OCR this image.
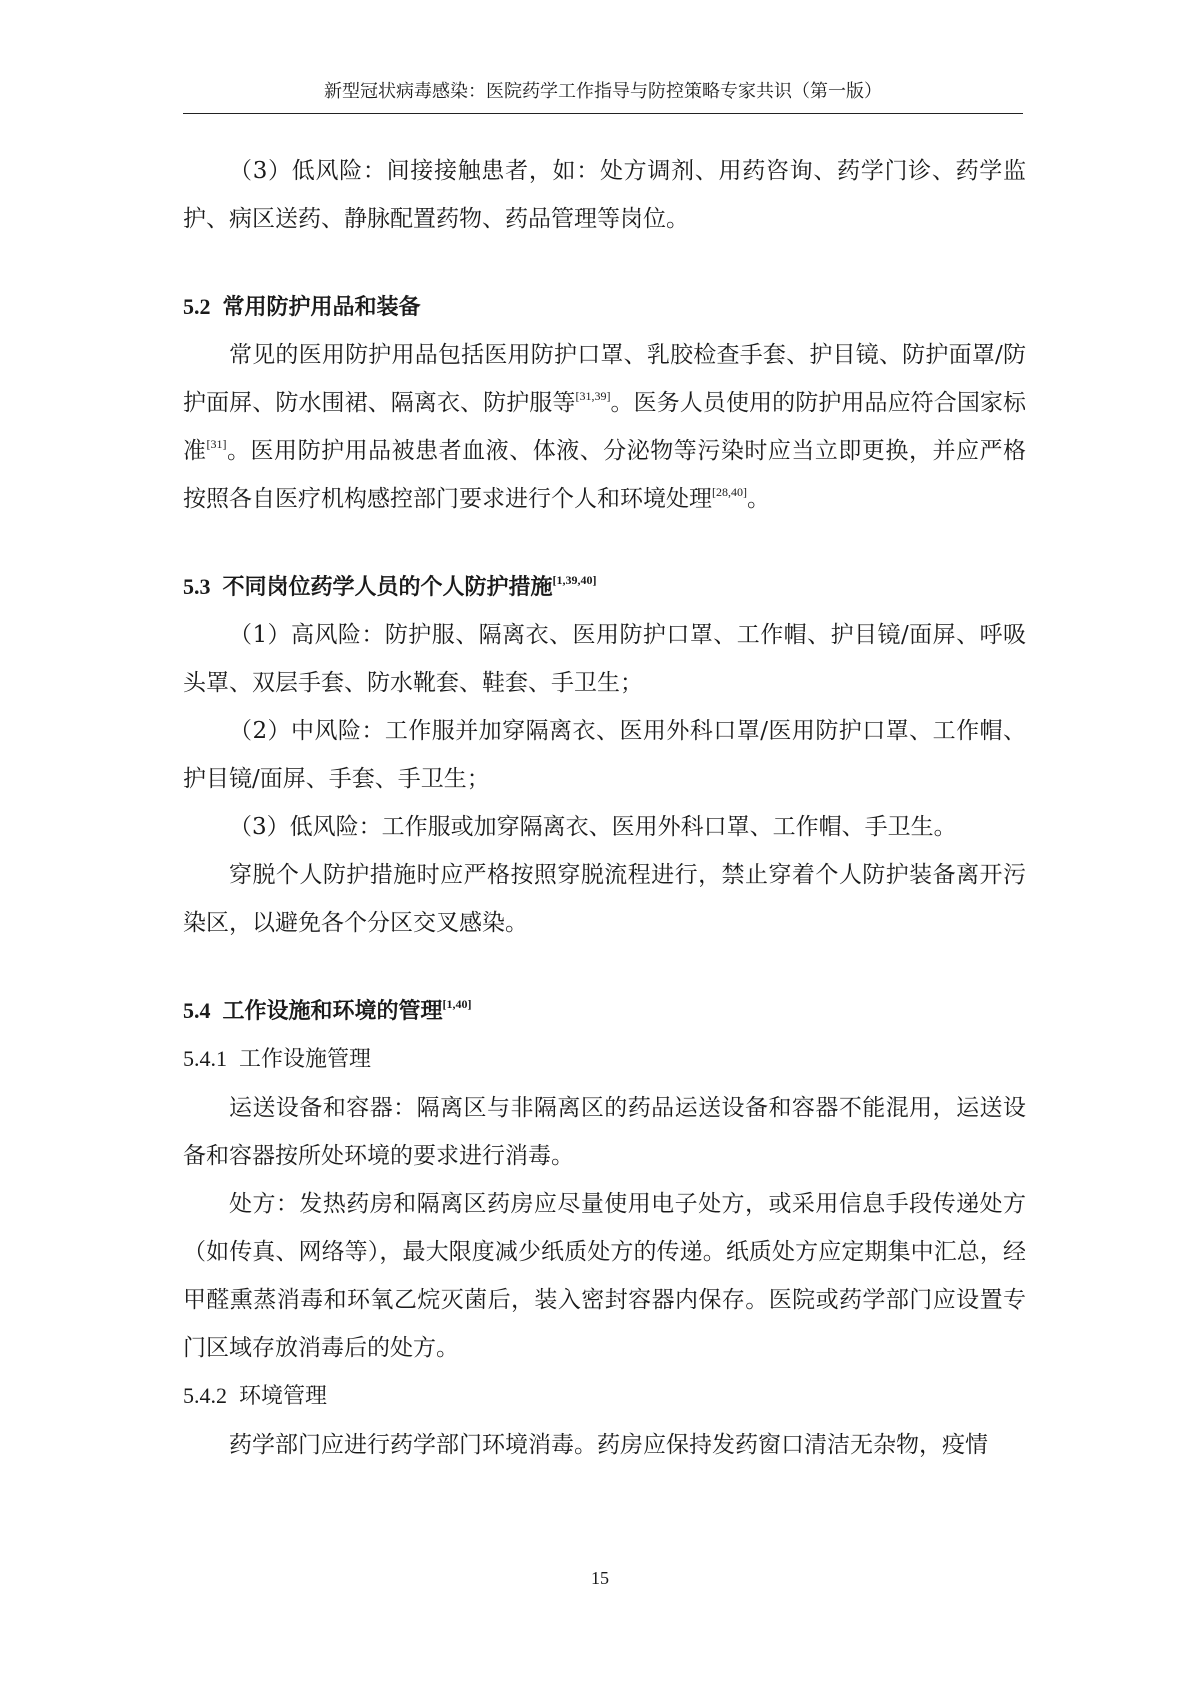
新型冠状病毒感染：医院药学工作指导与防控策略专家共识（第一版）

（3）低风险：间接接触患者，如：处方调剂、用药咨询、药学门诊、药学监护、病区送药、静脉配置药物、药品管理等岗位。

5.2 常用防护用品和装备

常见的医用防护用品包括医用防护口罩、乳胶检查手套、护目镜、防护面罩/防护面屏、防水围裙、隔离衣、防护服等[31,39]。医务人员使用的防护用品应符合国家标准[31]。医用防护用品被患者血液、体液、分泌物等污染时应当立即更换，并应严格按照各自医疗机构感控部门要求进行个人和环境处理[28,40]。

5.3 不同岗位药学人员的个人防护措施[1,39,40]

（1）高风险：防护服、隔离衣、医用防护口罩、工作帽、护目镜/面屏、呼吸头罩、双层手套、防水靴套、鞋套、手卫生；

（2）中风险：工作服并加穿隔离衣、医用外科口罩/医用防护口罩、工作帽、护目镜/面屏、手套、手卫生；

（3）低风险：工作服或加穿隔离衣、医用外科口罩、工作帽、手卫生。

穿脱个人防护措施时应严格按照穿脱流程进行，禁止穿着个人防护装备离开污染区，以避免各个分区交叉感染。

5.4 工作设施和环境的管理[1,40]

5.4.1 工作设施管理

运送设备和容器：隔离区与非隔离区的药品运送设备和容器不能混用，运送设备和容器按所处环境的要求进行消毒。

处方：发热药房和隔离区药房应尽量使用电子处方，或采用信息手段传递处方（如传真、网络等），最大限度减少纸质处方的传递。纸质处方应定期集中汇总，经甲醛熏蒸消毒和环氧乙烷灭菌后，装入密封容器内保存。医院或药学部门应设置专门区域存放消毒后的处方。

5.4.2 环境管理

药学部门应进行药学部门环境消毒。药房应保持发药窗口清洁无杂物，疫情

15
